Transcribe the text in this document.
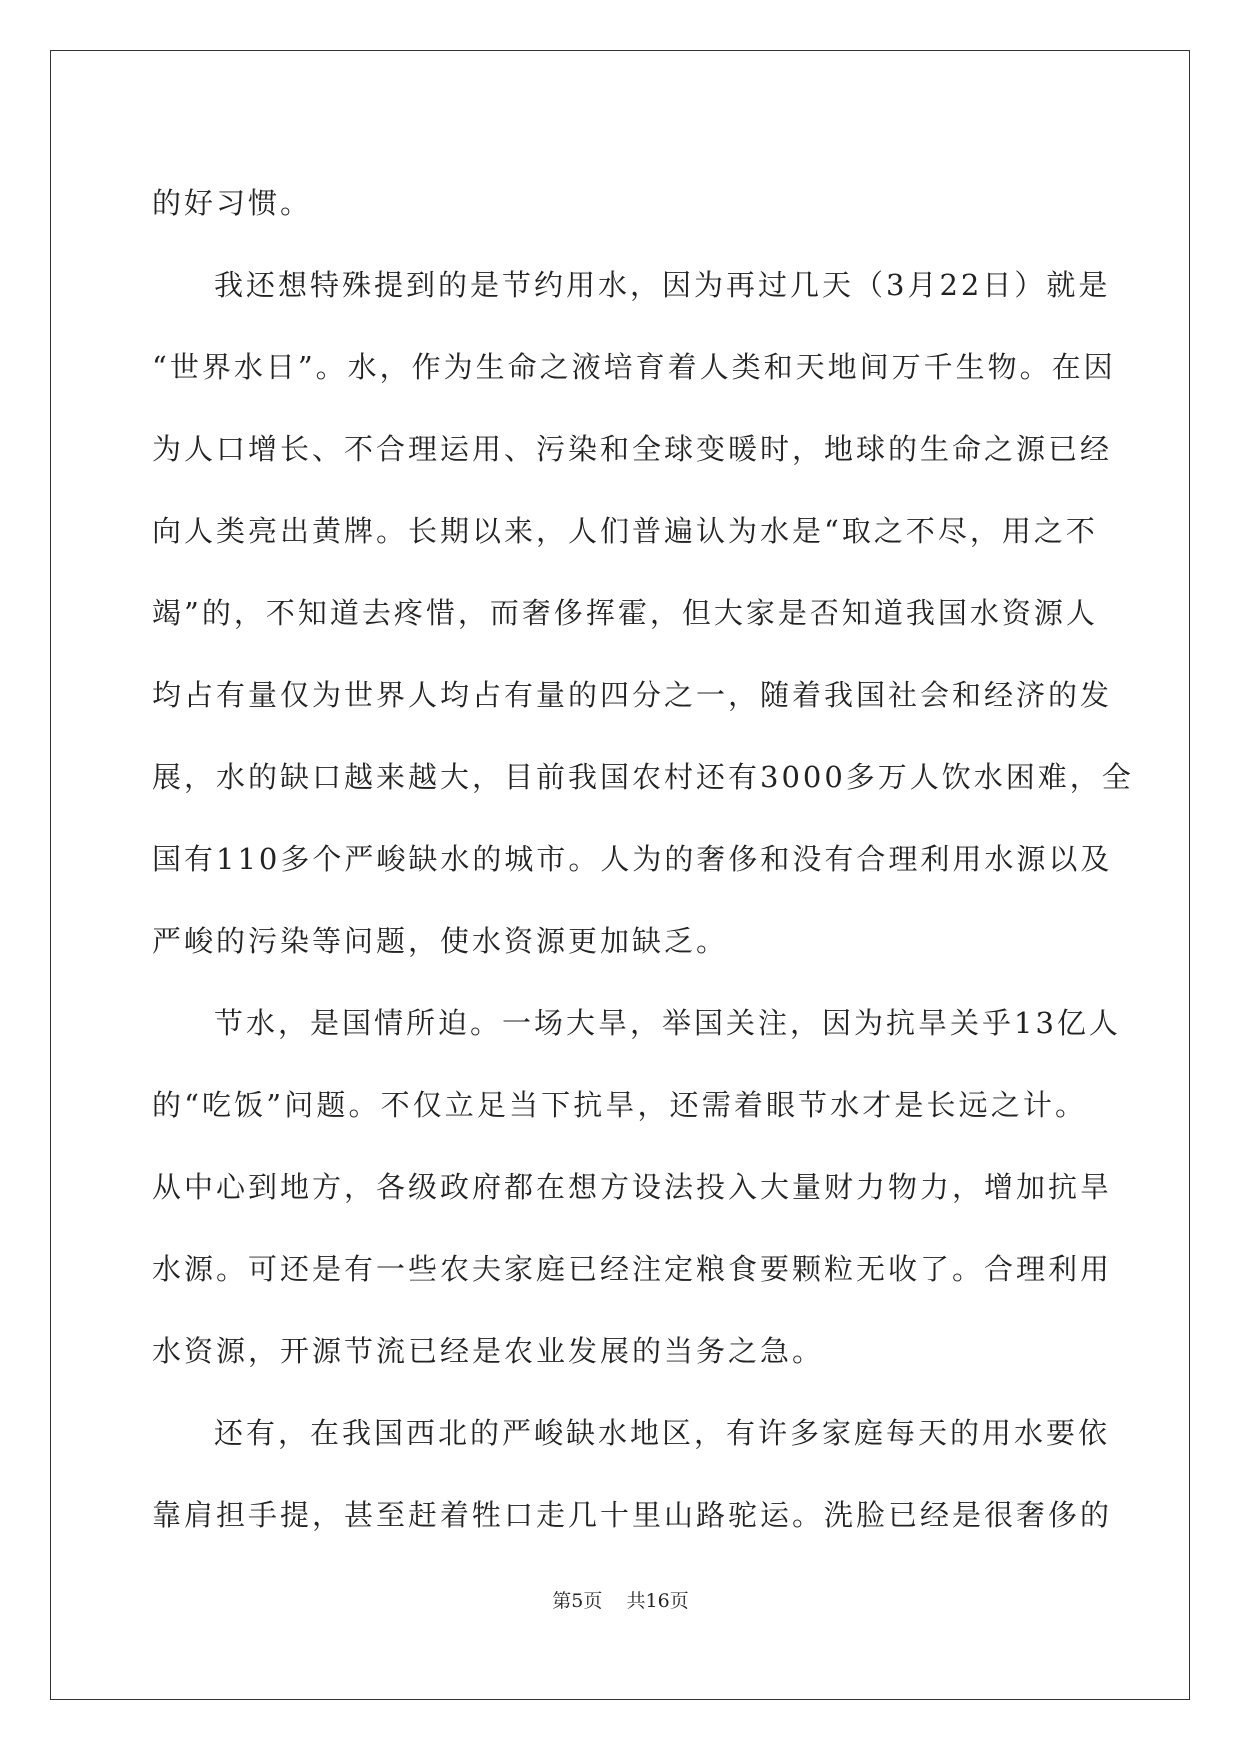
的好习惯。
我还想特殊提到的是节约用水，因为再过几天（3月22日）就是
“世界水日”。水，作为生命之液培育着人类和天地间万千生物。在因
为人口增长、不合理运用、污染和全球变暖时，地球的生命之源已经
向人类亮出黄牌。长期以来，人们普遍认为水是“取之不尽，用之不
竭”的，不知道去疼惜，而奢侈挥霍，但大家是否知道我国水资源人
均占有量仅为世界人均占有量的四分之一，随着我国社会和经济的发
展，水的缺口越来越大，目前我国农村还有3000多万人饮水困难，全
国有110多个严峻缺水的城市。人为的奢侈和没有合理利用水源以及
严峻的污染等问题，使水资源更加缺乏。
节水，是国情所迫。一场大旱，举国关注，因为抗旱关乎13亿人
的“吃饭”问题。不仅立足当下抗旱，还需着眼节水才是长远之计。
从中心到地方，各级政府都在想方设法投入大量财力物力，增加抗旱
水源。可还是有一些农夫家庭已经注定粮食要颗粒无收了。合理利用
水资源，开源节流已经是农业发展的当务之急。
还有，在我国西北的严峻缺水地区，有许多家庭每天的用水要依
靠肩担手提，甚至赶着牲口走几十里山路驼运。洗脸已经是很奢侈的
第5页    共16页
